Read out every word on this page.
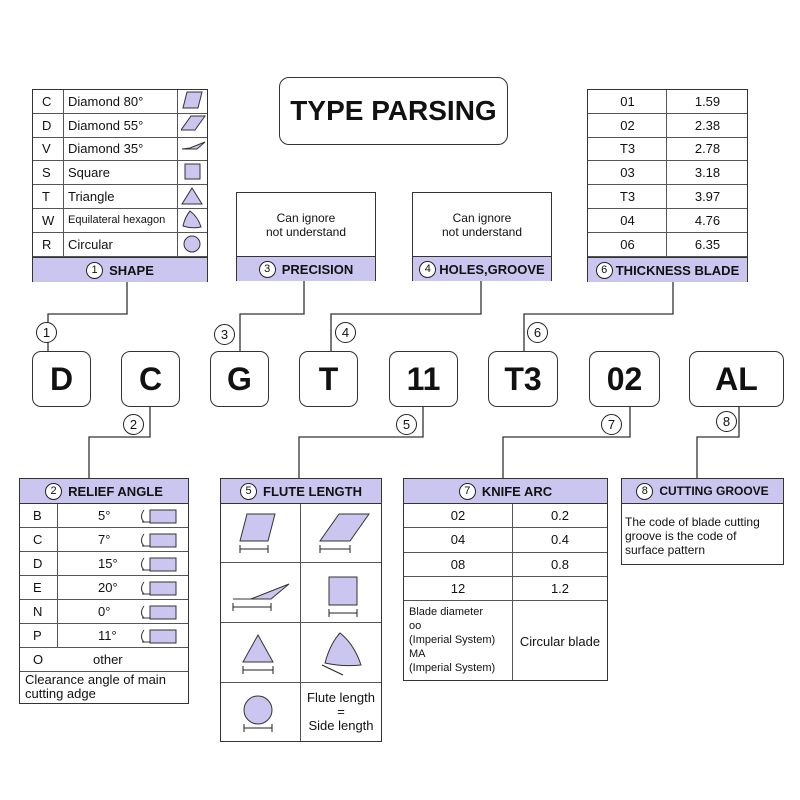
TYPE PARSING
C Diamond 80°
D Diamond 55°
V Diamond 35°
S Square
T Triangle
W Equilateral hexagon
R Circular
1 SHAPE
Can ignore
not understand
3 PRECISION
Can ignore
not understand
4 HOLES,GROOVE
01	1.59
02	2.38
T3	2.78
03	3.18
T3	3.97
04	4.76
06	6.35
6 THICKNESS BLADE
1	3	4	6
2	5	7	8
D	C	G	T	11	T3	02	AL
2 RELIEF ANGLE
B	5°
C	7°
D	15°
E	20°
N	0°
P	11°
O	other
Clearance angle of main
cutting adge
5 FLUTE LENGTH
Flute length
=
Side length
7 KNIFE ARC
02	0.2
04	0.4
08	0.8
12	1.2
Blade diameter
oo
(Imperial System)
MA
(Imperial System)
Circular blade
8 CUTTING GROOVE
The code of blade cutting
groove is the code of
surface pattern
